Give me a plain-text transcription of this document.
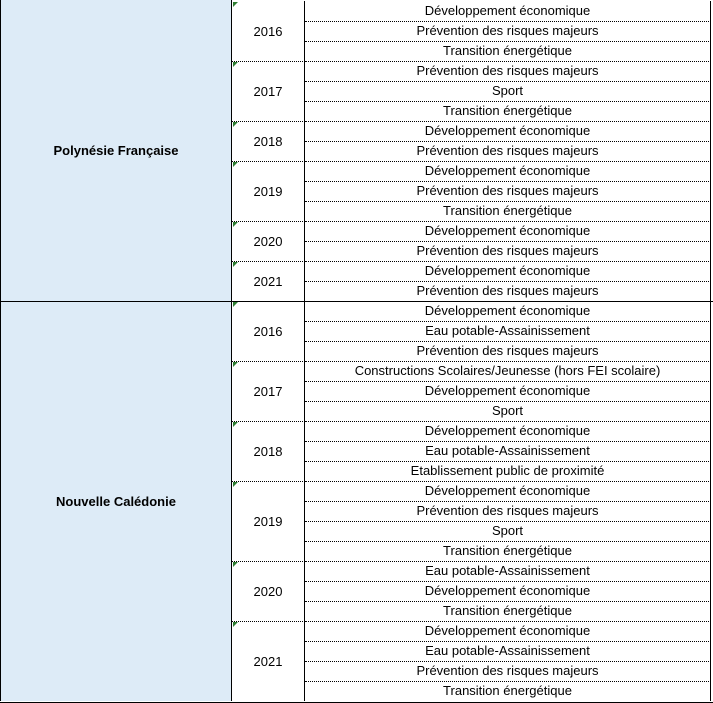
Polynésie Française
2016
Développement économique
Prévention des risques majeurs
Transition énergétique
2017
Prévention des risques majeurs
Sport
Transition énergétique
2018
Développement économique
Prévention des risques majeurs
2019
Développement économique
Prévention des risques majeurs
Transition énergétique
2020
Développement économique
Prévention des risques majeurs
2021
Développement économique
Prévention des risques majeurs
Nouvelle Calédonie
2016
Développement économique
Eau potable-Assainissement
Prévention des risques majeurs
2017
Constructions Scolaires/Jeunesse (hors FEI scolaire)
Développement économique
Sport
2018
Développement économique
Eau potable-Assainissement
Etablissement public de proximité
2019
Développement économique
Prévention des risques majeurs
Sport
Transition énergétique
2020
Eau potable-Assainissement
Développement économique
Transition énergétique
2021
Développement économique
Eau potable-Assainissement
Prévention des risques majeurs
Transition énergétique
